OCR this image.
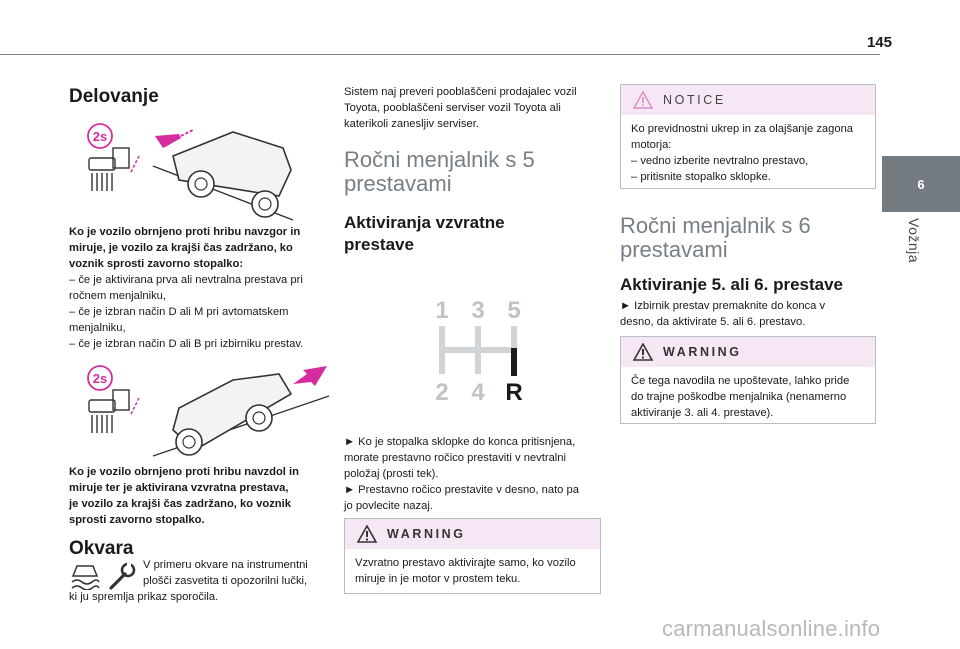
145
6
Vožnja
Delovanje
2s
Ko je vozilo obrnjeno proti hribu navzgor in
miruje, je vozilo za krajši čas zadržano, ko
voznik sprosti zavorno stopalko:
– če je aktivirana prva ali nevtralna prestava pri
ročnem menjalniku,
– če je izbran način D ali M pri avtomatskem
menjalniku,
– če je izbran način D ali B pri izbirniku prestav.
2s
Ko je vozilo obrnjeno proti hribu navzdol in
miruje ter je aktivirana vzvratna prestava,
je vozilo za krajši čas zadržano, ko voznik
sprosti zavorno stopalko.
Okvara
V primeru okvare na instrumentni
plošči zasvetita ti opozorilni lučki,
ki ju spremlja prikaz sporočila.
Sistem naj preveri pooblaščeni prodajalec vozil
Toyota, pooblaščeni serviser vozil Toyota ali
katerikoli zanesljiv serviser.
Ročni menjalnik s 5
prestavami
Aktiviranja vzvratne
prestave
1 3 5
2 4 R
► Ko je stopalka sklopke do konca pritisnjena,
morate prestavno ročico prestaviti v nevtralni
položaj (prosti tek).
► Prestavno ročico prestavite v desno, nato pa
jo povlecite nazaj.
WARNING
Vzvratno prestavo aktivirajte samo, ko vozilo
miruje in je motor v prostem teku.
NOTICE
Ko previdnostni ukrep in za olajšanje zagona
motorja:
– vedno izberite nevtralno prestavo,
– pritisnite stopalko sklopke.
Ročni menjalnik s 6
prestavami
Aktiviranje 5. ali 6. prestave
► Izbirnik prestav premaknite do konca v
desno, da aktivirate 5. ali 6. prestavo.
WARNING
Če tega navodila ne upoštevate, lahko pride
do trajne poškodbe menjalnika (nenamerno
aktiviranje 3. ali 4. prestave).
carmanualsonline.info
